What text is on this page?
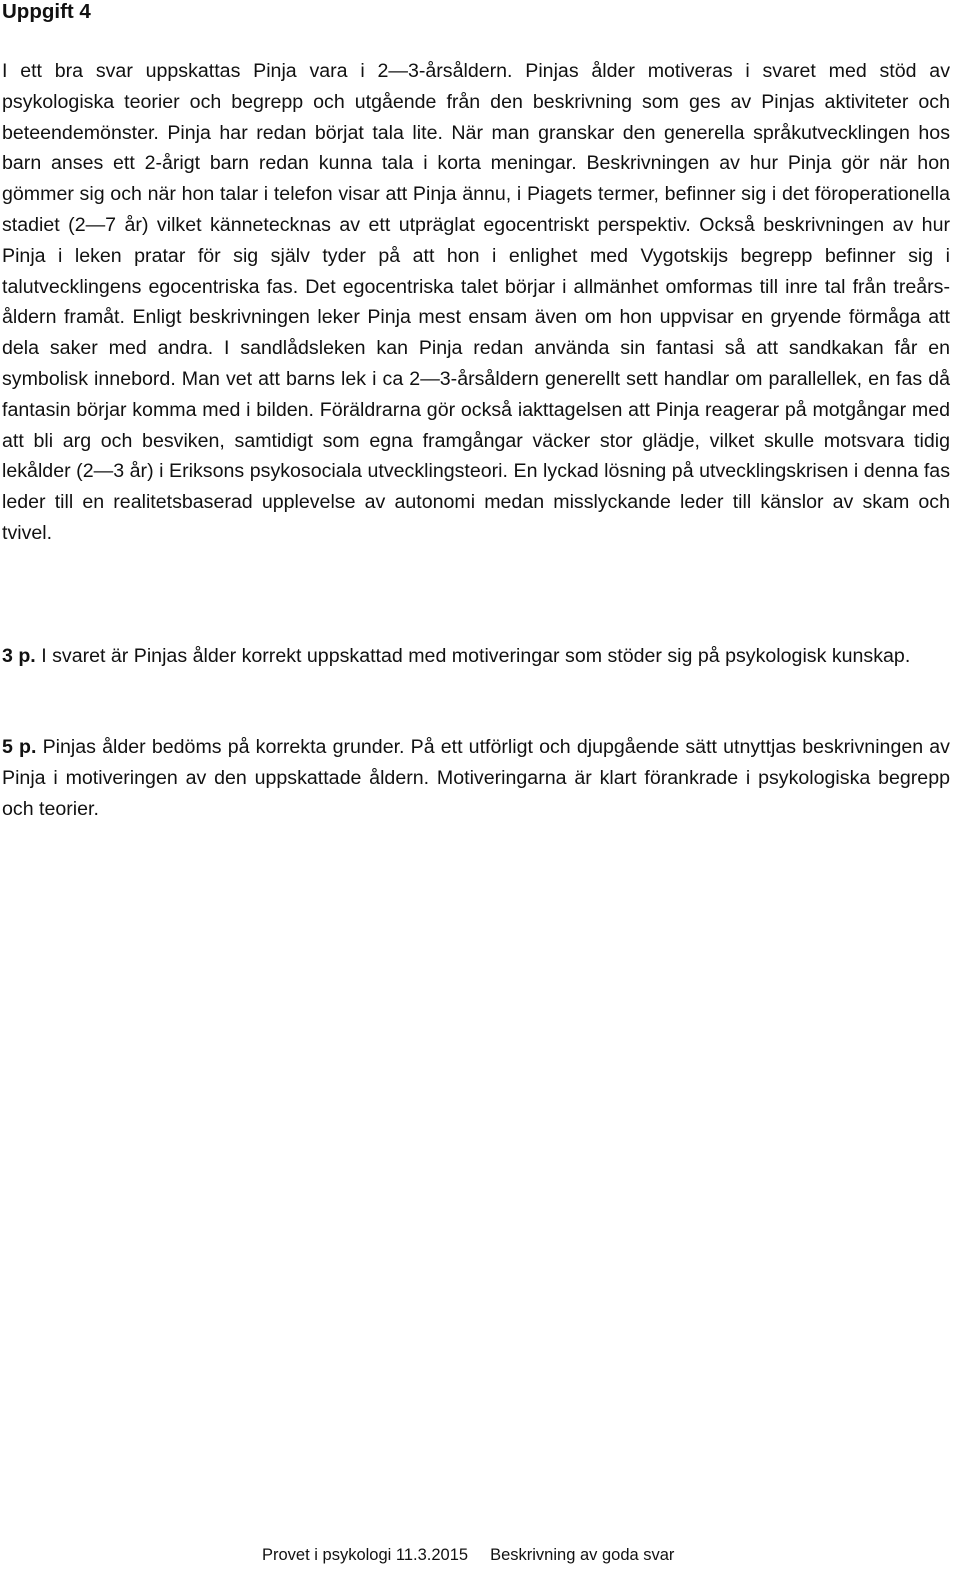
Uppgift 4

I ett bra svar uppskattas Pinja vara i 2—3-årsåldern. Pinjas ålder motiveras i svaret med stöd av psykologiska teorier och begrepp och utgående från den beskrivning som ges av Pinjas aktiviteter och beteendemönster. Pinja har redan börjat tala lite. När man granskar den generella språkutvecklingen hos barn anses ett 2-årigt barn redan kunna tala i korta meningar. Beskrivningen av hur Pinja gör när hon gömmer sig och när hon talar i telefon visar att Pinja ännu, i Piagets termer, befinner sig i det föroperationella stadiet (2—7 år) vilket kännetecknas av ett utpräglat egocentriskt perspektiv. Också beskrivningen av hur Pinja i leken pratar för sig själv tyder på att hon i enlighet med Vygotskijs begrepp befinner sig i talutvecklingens egocentriska fas. Det egocentriska talet börjar i allmänhet omformas till inre tal från treårsåldern framåt. Enligt beskrivningen leker Pinja mest ensam även om hon uppvisar en gryende förmåga att dela saker med andra. I sandlådsleken kan Pinja redan använda sin fantasi så att sandkakan får en symbolisk innebord. Man vet att barns lek i ca 2—3-årsåldern generellt sett handlar om parallellek, en fas då fantasin börjar komma med i bilden. Föräldrarna gör också iakttagelsen att Pinja reagerar på motgångar med att bli arg och besviken, samtidigt som egna framgångar väcker stor glädje, vilket skulle motsvara tidig lekålder (2—3 år) i Eriksons psykosociala utvecklingsteori. En lyckad lösning på utvecklingskrisen i denna fas leder till en realitetsbaserad upplevelse av autonomi medan misslyckande leder till känslor av skam och tvivel.

3 p. I svaret är Pinjas ålder korrekt uppskattad med motiveringar som stöder sig på psykologisk kunskap.

5 p. Pinjas ålder bedöms på korrekta grunder. På ett utförligt och djupgående sätt utnyttjas beskrivningen av Pinja i motiveringen av den uppskattade åldern. Motiveringarna är klart förankrade i psykologiska begrepp och teorier.

Provet i psykologi 11.3.2015 Beskrivning av goda svar
